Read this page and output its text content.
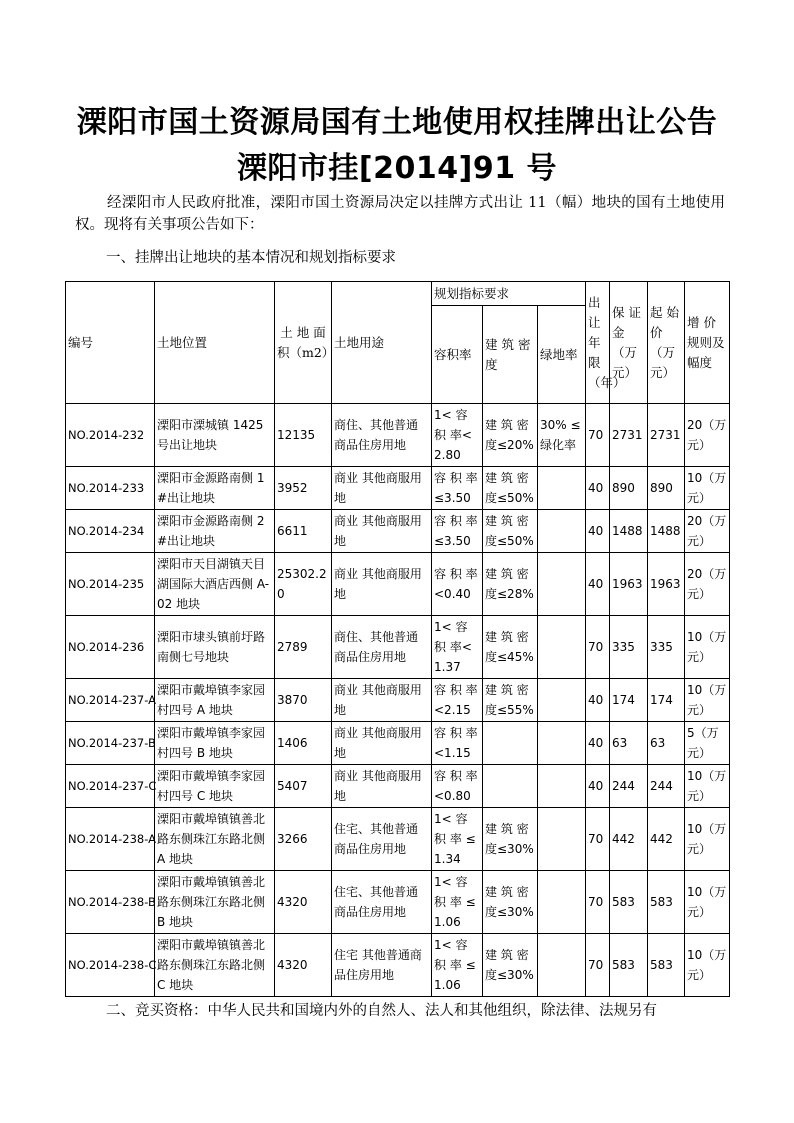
溧阳市国土资源局国有土地使用权挂牌出让公告
溧阳市挂[2014]91 号
经溧阳市人民政府批准，溧阳市国土资源局决定以挂牌方式出让 11（幅）地块的国有土地使用权。现将有关事项公告如下：
一、挂牌出让地块的基本情况和规划指标要求
编号	土地位置	土 地 面 积（m2）	土地用途	规划指标要求			出让年限（年）	保 证 金（万元）	起 始 价（万元）	增 价 规则及 幅度
				容积率	建 筑 密 度	绿地率				
NO.2014-232	溧阳市溧城镇 1425 号出让地块	12135	商住、其他普通商品住房用地	1< 容 积 率<2.80	建 筑 密 度≤20%	30% ≤绿化率	70	2731	2731	20（万元）
NO.2014-233	溧阳市金源路南侧 1#出让地块	3952	商业 其他商服用地	容 积 率≤3.50	建 筑 密 度≤50%		40	890	890	10（万元）
NO.2014-234	溧阳市金源路南侧 2#出让地块	6611	商业 其他商服用地	容 积 率≤3.50	建 筑 密 度≤50%		40	1488	1488	20（万元）
NO.2014-235	溧阳市天目湖镇天目湖国际大酒店西侧 A-02 地块	25302.20	商业 其他商服用地	容 积 率<0.40	建 筑 密 度≤28%		40	1963	1963	20（万元）
NO.2014-236	溧阳市埭头镇前圩路南侧七号地块	2789	商住、其他普通商品住房用地	1< 容 积 率<1.37	建 筑 密 度≤45%		70	335	335	10（万元）
NO.2014-237-A	溧阳市戴埠镇李家园村四号 A 地块	3870	商业 其他商服用地	容 积 率<2.15	建 筑 密 度≤55%		40	174	174	10（万元）
NO.2014-237-B	溧阳市戴埠镇李家园村四号 B 地块	1406	商业 其他商服用地	容 积 率<1.15			40	63	63	5（万元）
NO.2014-237-C	溧阳市戴埠镇李家园村四号 C 地块	5407	商业 其他商服用地	容 积 率<0.80			40	244	244	10（万元）
NO.2014-238-A	溧阳市戴埠镇镇善北路东侧珠江东路北侧 A 地块	3266	住宅、其他普通商品住房用地	1< 容 积 率 ≤1.34	建 筑 密 度≤30%		70	442	442	10（万元）
NO.2014-238-B	溧阳市戴埠镇镇善北路东侧珠江东路北侧 B 地块	4320	住宅、其他普通商品住房用地	1< 容 积 率 ≤1.06	建 筑 密 度≤30%		70	583	583	10（万元）
NO.2014-238-C	溧阳市戴埠镇镇善北路东侧珠江东路北侧 C 地块	4320	住宅 其他普通商品住房用地	1< 容 积 率 ≤1.06	建 筑 密 度≤30%		70	583	583	10（万元）
二、竞买资格：中华人民共和国境内外的自然人、法人和其他组织，除法律、法规另有
